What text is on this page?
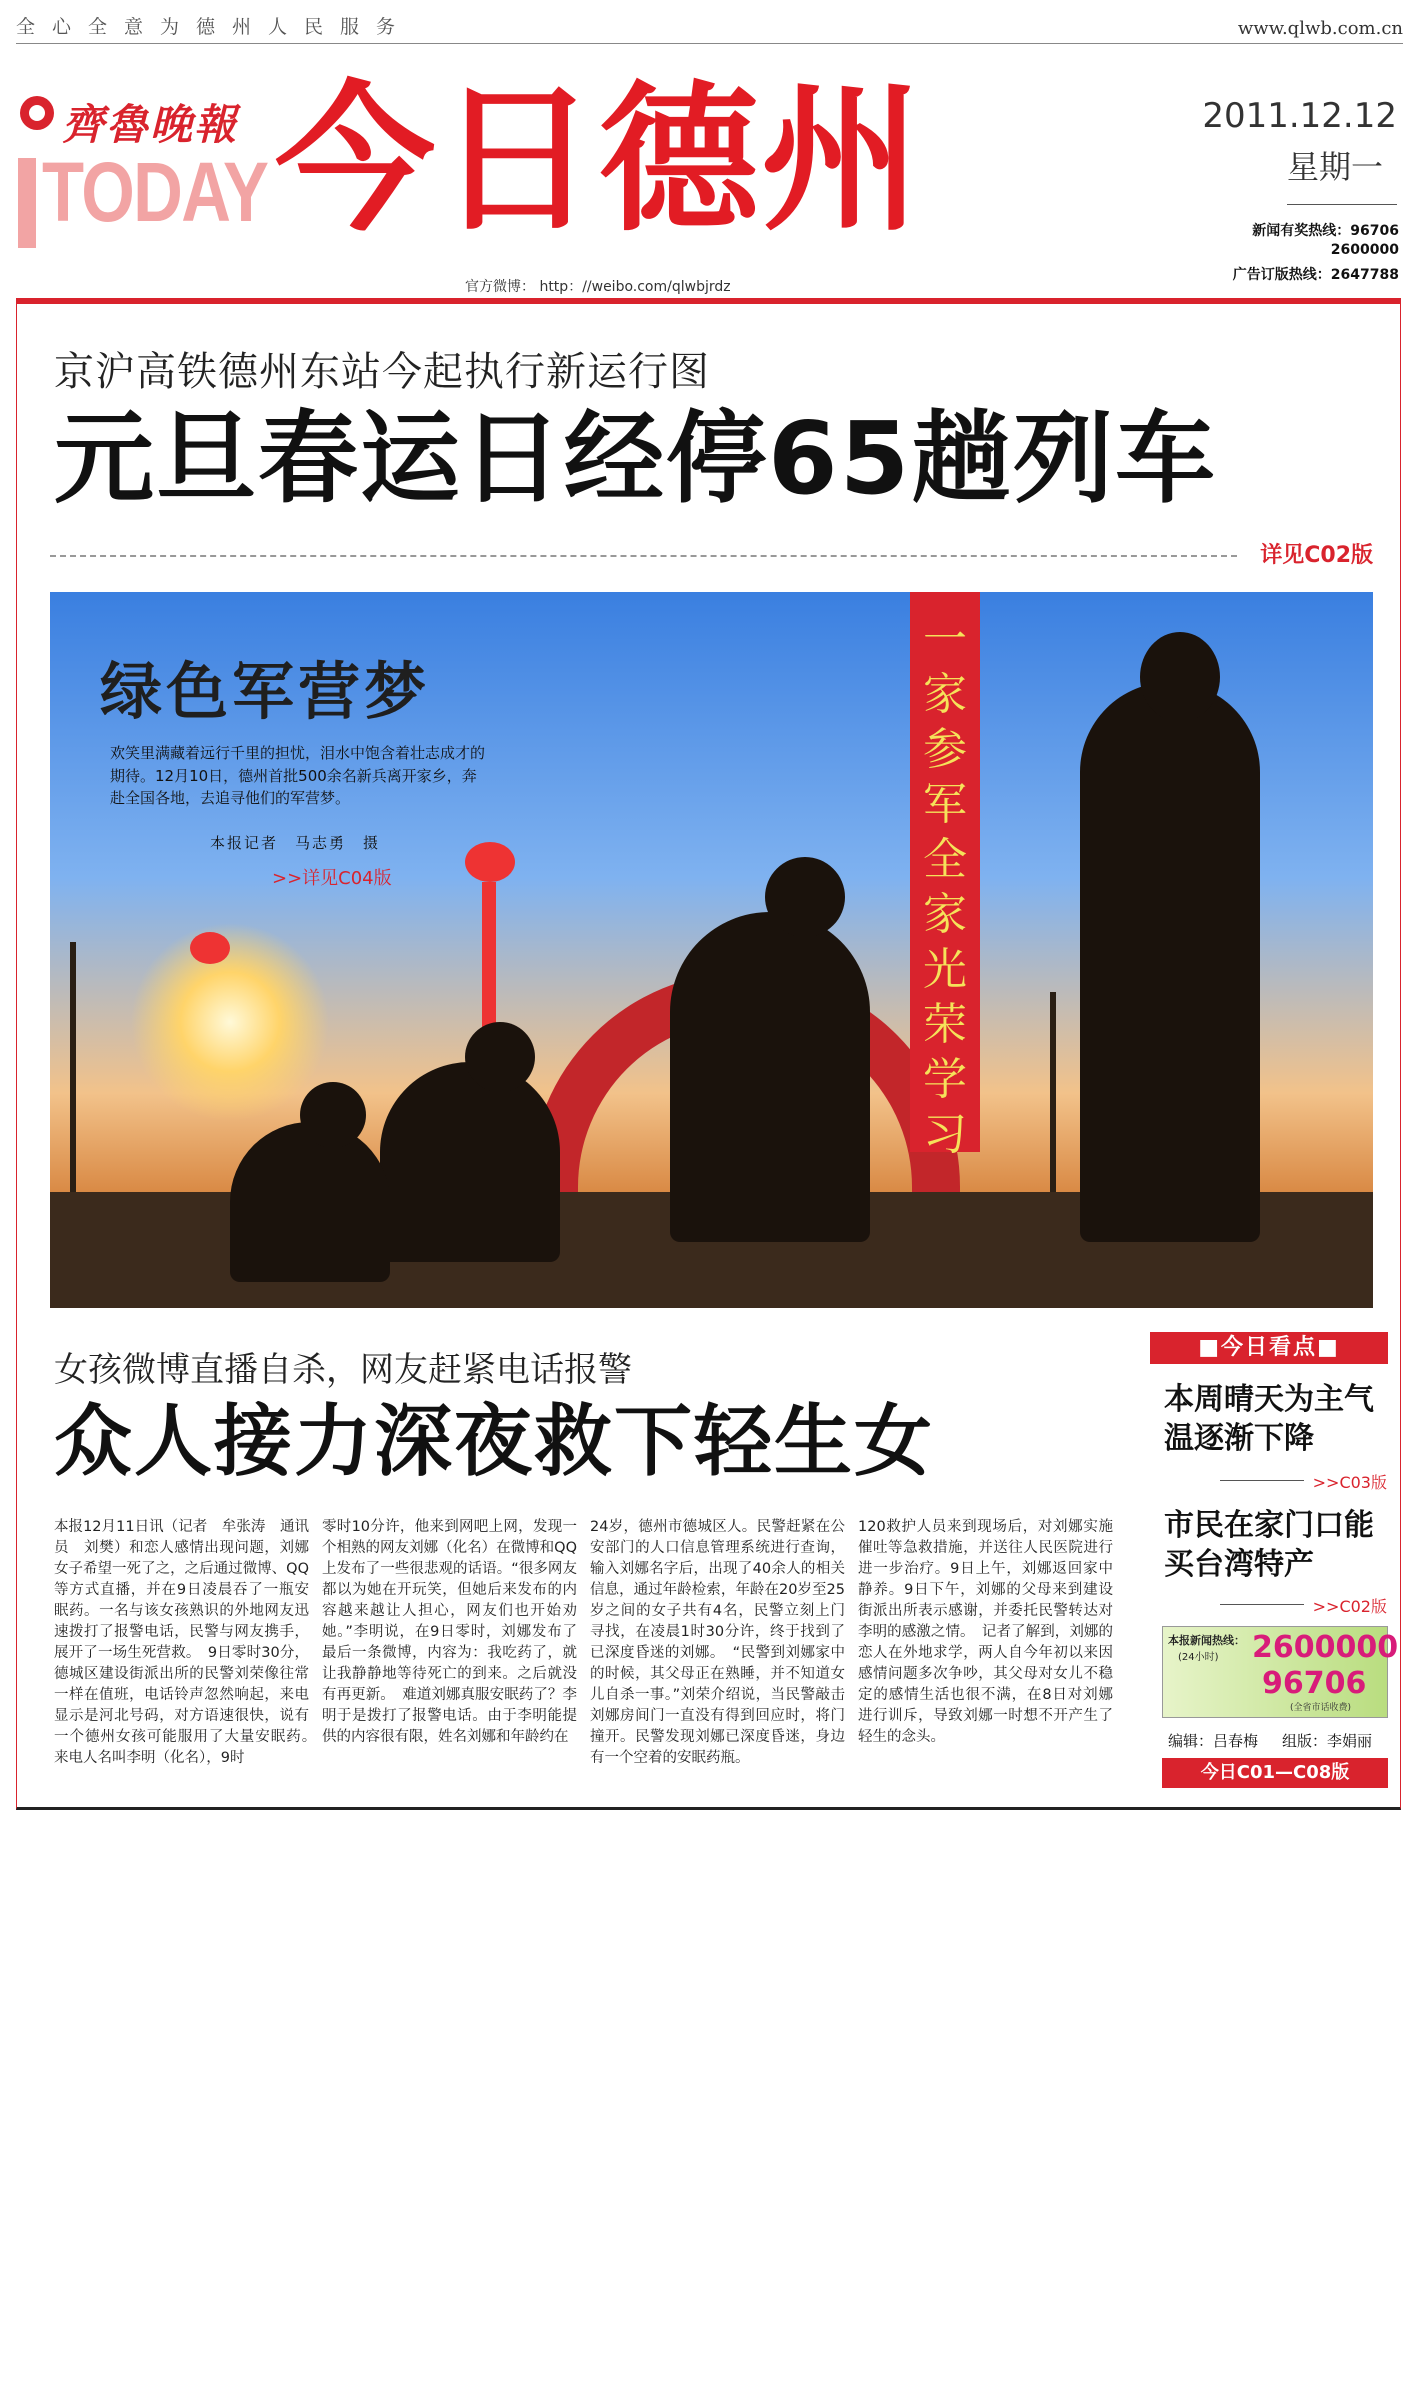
全心全意为德州人民服务	www.qlwb.com.cn
齊魯晚報
TODAY 今日德州
官方微博： http：//weibo.com/qlwbjrdz
2011.12.12
星期一
新闻有奖热线：96706
2600000
广告订版热线：2647788
京沪高铁德州东站今起执行新运行图
元旦春运日经停65趟列车
详见C02版
一家参军 全家光荣 学习
绿色军营梦
欢笑里满藏着远行千里的担忧，泪水中饱含着壮志成才的期待。12月10日，德州首批500余名新兵离开家乡，奔赴全国各地，去追寻他们的军营梦。
本报记者　马志勇　摄
>>详见C04版
女孩微博直播自杀，网友赶紧电话报警
众人接力深夜救下轻生女
本报12月11日讯（记者　牟张涛　通讯员　刘樊）和恋人感情出现问题，刘娜女子希望一死了之，之后通过微博、QQ等方式直播，并在9日凌晨吞了一瓶安眠药。一名与该女孩熟识的外地网友迅速拨打了报警电话，民警与网友携手，展开了一场生死营救。　9日零时30分，德城区建设街派出所的民警刘荣像往常一样在值班，电话铃声忽然响起，来电显示是河北号码，对方语速很快，说有一个德州女孩可能服用了大量安眠药。　来电人名叫李明（化名），9时
零时10分许，他来到网吧上网，发现一个相熟的网友刘娜（化名）在微博和QQ上发布了一些很悲观的话语。“很多网友都以为她在开玩笑，但她后来发布的内容越来越让人担心，网友们也开始劝她。”李明说，在9日零时，刘娜发布了最后一条微博，内容为：我吃药了，就让我静静地等待死亡的到来。之后就没有再更新。　难道刘娜真服安眠药了？李明于是拨打了报警电话。由于李明能提供的内容很有限，姓名刘娜和年龄约在
24岁，德州市德城区人。民警赶紧在公安部门的人口信息管理系统进行查询，输入刘娜名字后，出现了40余人的相关信息，通过年龄检索，年龄在20岁至25岁之间的女子共有4名，民警立刻上门寻找，在凌晨1时30分许，终于找到了已深度昏迷的刘娜。　“民警到刘娜家中的时候，其父母正在熟睡，并不知道女儿自杀一事。”刘荣介绍说，当民警敲击刘娜房间门一直没有得到回应时，将门撞开。民警发现刘娜已深度昏迷，身边有一个空着的安眠药瓶。
120救护人员来到现场后，对刘娜实施催吐等急救措施，并送往人民医院进行进一步治疗。9日上午，刘娜返回家中静养。9日下午，刘娜的父母来到建设街派出所表示感谢，并委托民警转达对李明的感激之情。　记者了解到，刘娜的恋人在外地求学，两人自今年初以来因感情问题多次争吵，其父母对女儿不稳定的感情生活也很不满，在8日对刘娜进行训斥，导致刘娜一时想不开产生了轻生的念头。
■今日看点■
本周晴天为主气温逐渐下降
>>C03版
市民在家门口能买台湾特产
>>C02版
本报新闻热线：
(24小时) 2600000
96706
(全省市话收费)
编辑：吕春梅 组版：李娟丽
今日C01—C08版
